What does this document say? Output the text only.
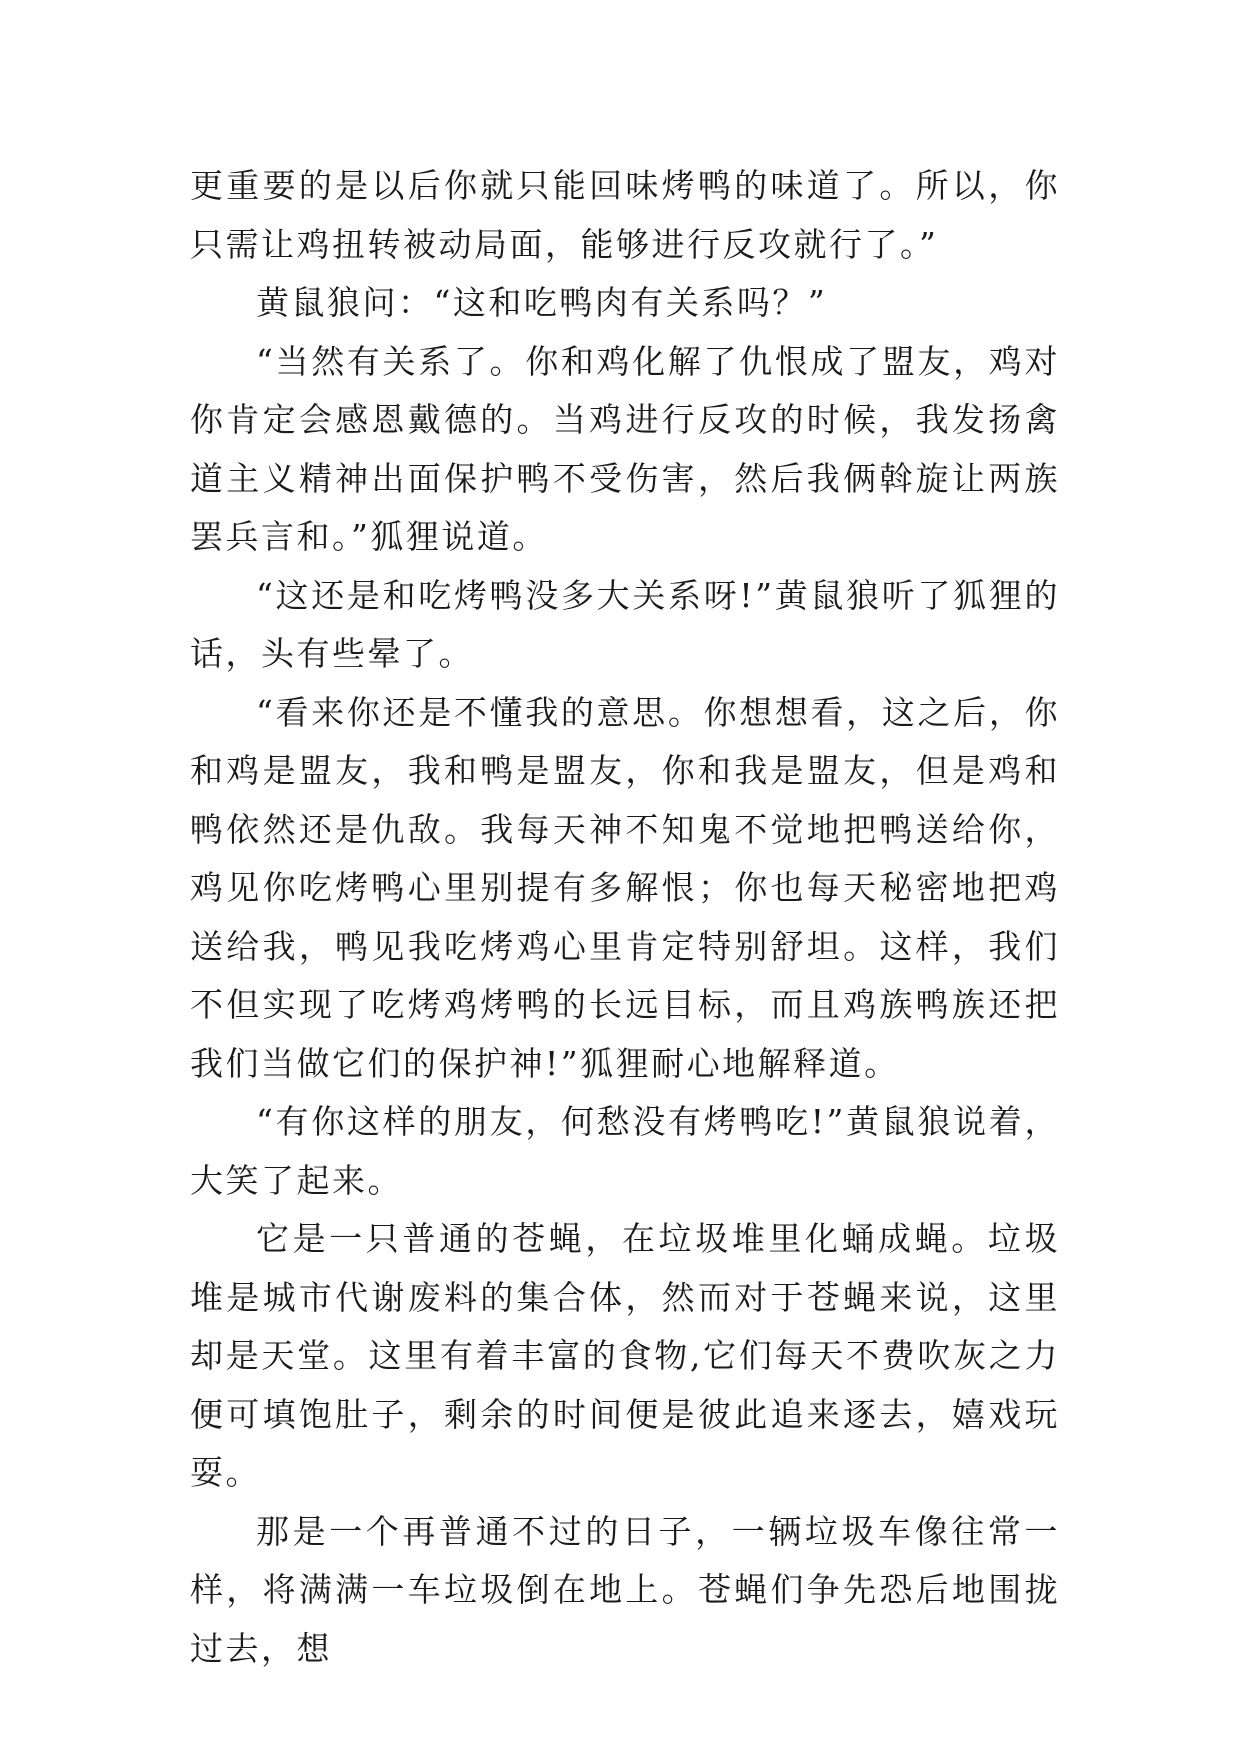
更重要的是以后你就只能回味烤鸭的味道了。所以，你只需让鸡扭转被动局面，能够进行反攻就行了。”

黄鼠狼问：“这和吃鸭肉有关系吗？”

“当然有关系了。你和鸡化解了仇恨成了盟友，鸡对你肯定会感恩戴德的。当鸡进行反攻的时候，我发扬禽道主义精神出面保护鸭不受伤害，然后我俩斡旋让两族罢兵言和。”狐狸说道。

“这还是和吃烤鸭没多大关系呀!”黄鼠狼听了狐狸的话，头有些晕了。

“看来你还是不懂我的意思。你想想看，这之后，你和鸡是盟友，我和鸭是盟友，你和我是盟友，但是鸡和鸭依然还是仇敌。我每天神不知鬼不觉地把鸭送给你，鸡见你吃烤鸭心里别提有多解恨；你也每天秘密地把鸡送给我，鸭见我吃烤鸡心里肯定特别舒坦。这样，我们不但实现了吃烤鸡烤鸭的长远目标，而且鸡族鸭族还把我们当做它们的保护神!”狐狸耐心地解释道。

“有你这样的朋友，何愁没有烤鸭吃!”黄鼠狼说着，大笑了起来。

它是一只普通的苍蝇，在垃圾堆里化蛹成蝇。垃圾堆是城市代谢废料的集合体，然而对于苍蝇来说，这里却是天堂。这里有着丰富的食物,它们每天不费吹灰之力便可填饱肚子，剩余的时间便是彼此追来逐去，嬉戏玩耍。

那是一个再普通不过的日子，一辆垃圾车像往常一样，将满满一车垃圾倒在地上。苍蝇们争先恐后地围拢过去，想
